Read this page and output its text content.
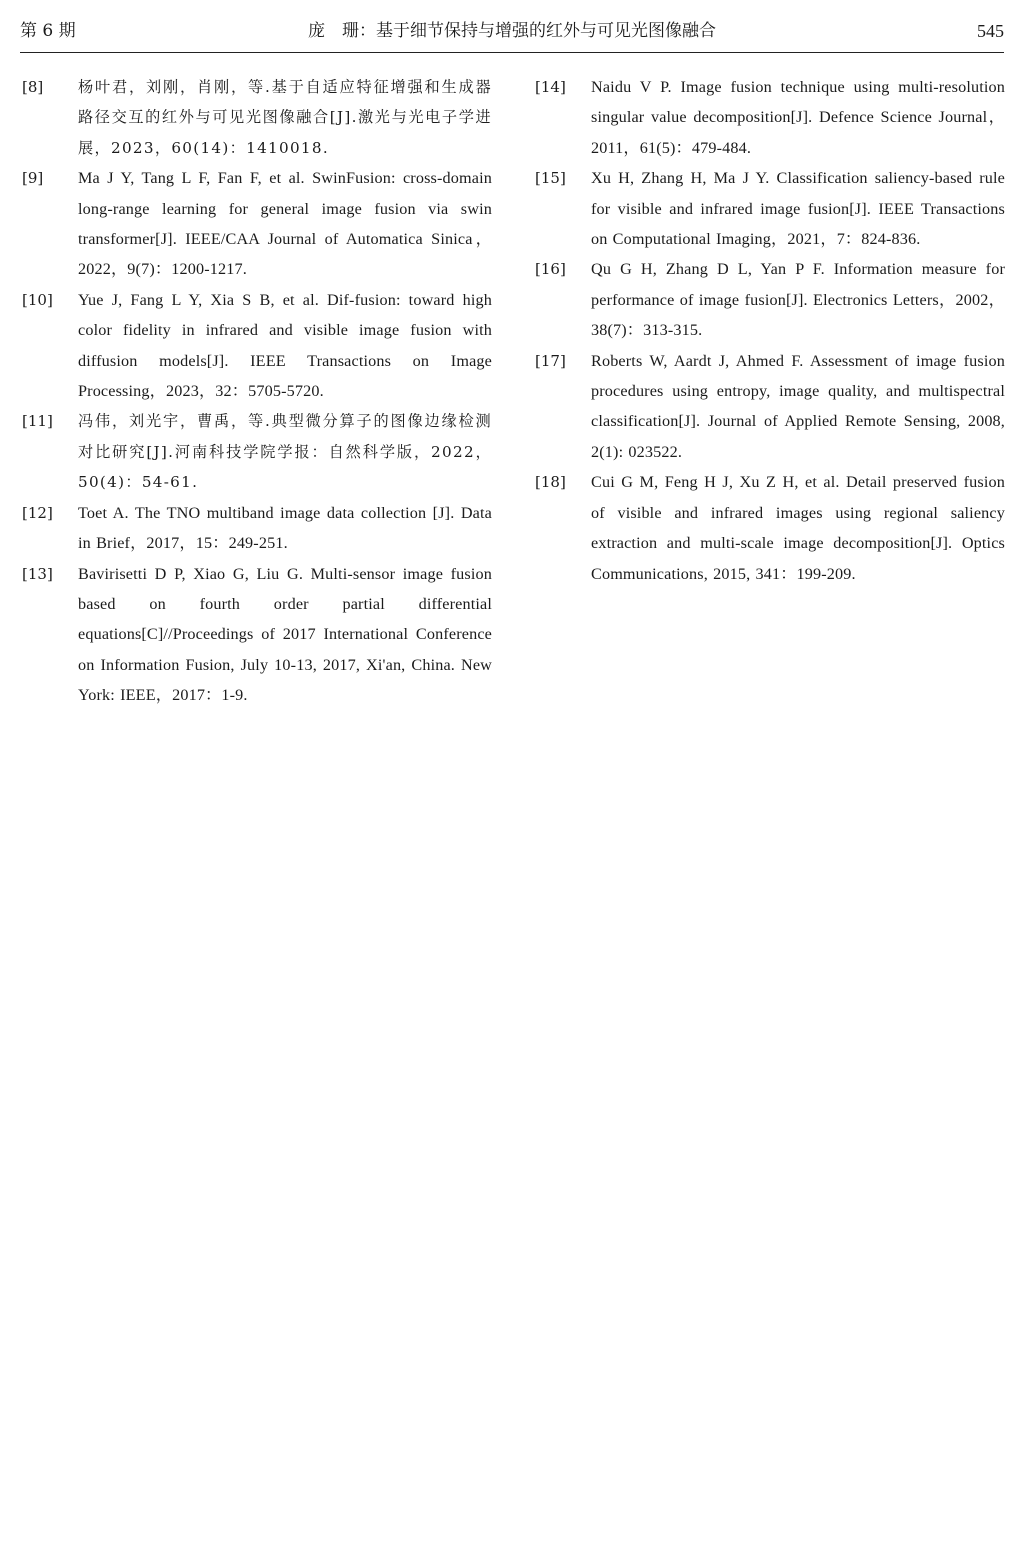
第 6 期	庞　珊：基于细节保持与增强的红外与可见光图像融合	545
[8]	杨叶君，刘刚，肖刚，等.基于自适应特征增强和生成器路径交互的红外与可见光图像融合[J].激光与光电子学进展，2023，60(14)：1410018.
[9]	Ma J Y, Tang L F, Fan F, et al. SwinFusion: cross-domain long-range learning for general image fusion via swin transformer[J]. IEEE/CAA Journal of Automatica Sinica，2022，9(7)：1200-1217.
[10]	Yue J, Fang L Y, Xia S B, et al. Dif-fusion: toward high color fidelity in infrared and visible image fusion with diffusion models[J]. IEEE Transactions on Image Processing，2023，32：5705-5720.
[11]	冯伟，刘光宇，曹禹，等.典型微分算子的图像边缘检测对比研究[J].河南科技学院学报：自然科学版，2022，50(4)：54-61.
[12]	Toet A. The TNO multiband image data collection [J]. Data in Brief，2017，15：249-251.
[13]	Bavirisetti D P, Xiao G, Liu G. Multi-sensor image fusion based on fourth order partial differential equations[C]//Proceedings of 2017 International Conference on Information Fusion, July 10-13, 2017, Xi'an, China. New York: IEEE，2017：1-9.
[14]	Naidu V P. Image fusion technique using multi-resolution singular value decomposition[J]. Defence Science Journal，2011，61(5)：479-484.
[15]	Xu H, Zhang H, Ma J Y. Classification saliency-based rule for visible and infrared image fusion[J]. IEEE Transactions on Computational Imaging，2021，7：824-836.
[16]	Qu G H, Zhang D L, Yan P F. Information measure for performance of image fusion[J]. Electronics Letters，2002，38(7)：313-315.
[17]	Roberts W, Aardt J, Ahmed F. Assessment of image fusion procedures using entropy, image quality, and multispectral classification[J]. Journal of Applied Remote Sensing, 2008, 2(1): 023522.
[18]	Cui G M, Feng H J, Xu Z H, et al. Detail preserved fusion of visible and infrared images using regional saliency extraction and multi-scale image decomposition[J]. Optics Communications, 2015, 341：199-209.
